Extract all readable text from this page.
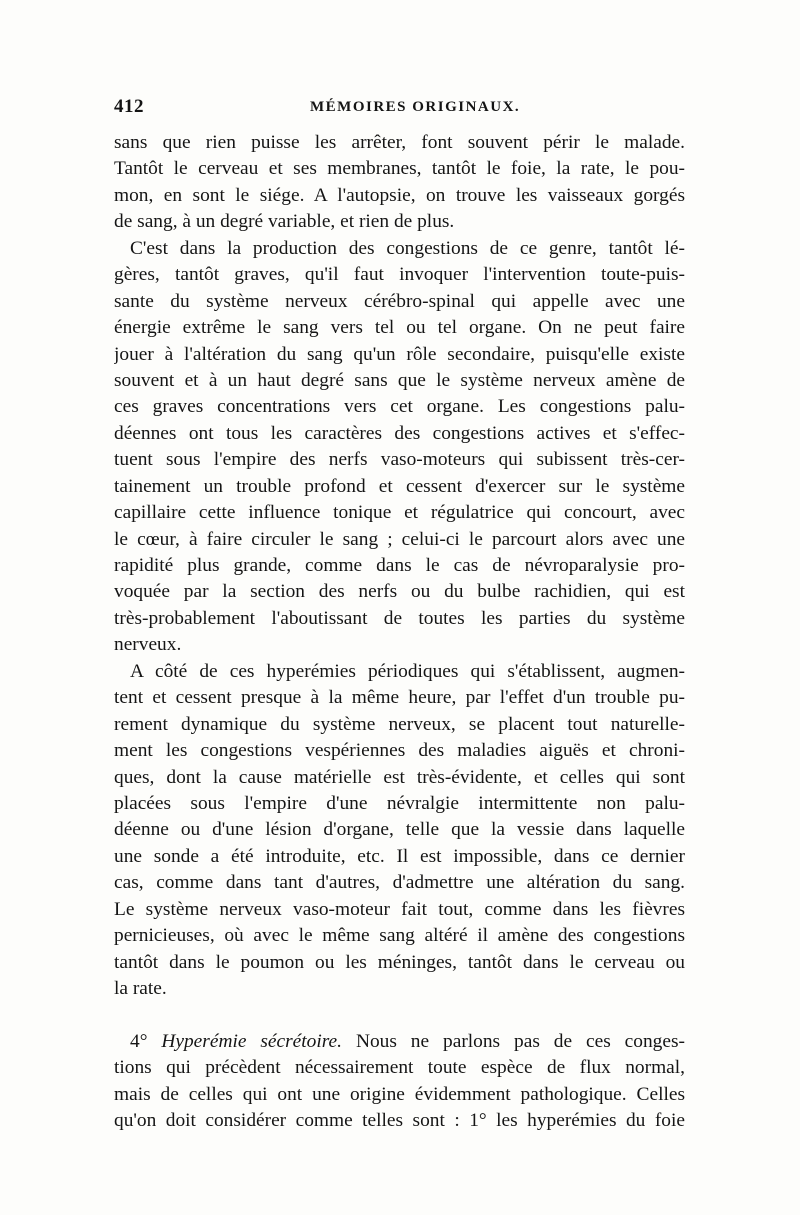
412	MÉMOIRES ORIGINAUX.
sans que rien puisse les arrêter, font souvent périr le malade.
Tantôt le cerveau et ses membranes, tantôt le foie, la rate, le pou-
mon, en sont le siége. A l'autopsie, on trouve les vaisseaux gorgés
de sang, à un degré variable, et rien de plus.
C'est dans la production des congestions de ce genre, tantôt lé-
gères, tantôt graves, qu'il faut invoquer l'intervention toute-puis-
sante du système nerveux cérébro-spinal qui appelle avec une
énergie extrême le sang vers tel ou tel organe. On ne peut faire
jouer à l'altération du sang qu'un rôle secondaire, puisqu'elle existe
souvent et à un haut degré sans que le système nerveux amène de
ces graves concentrations vers cet organe. Les congestions palu-
déennes ont tous les caractères des congestions actives et s'effec-
tuent sous l'empire des nerfs vaso-moteurs qui subissent très-cer-
tainement un trouble profond et cessent d'exercer sur le système
capillaire cette influence tonique et régulatrice qui concourt, avec
le cœur, à faire circuler le sang ; celui-ci le parcourt alors avec une
rapidité plus grande, comme dans le cas de névroparalysie pro-
voquée par la section des nerfs ou du bulbe rachidien, qui est
très-probablement l'aboutissant de toutes les parties du système
nerveux.
A côté de ces hyperémies périodiques qui s'établissent, augmen-
tent et cessent presque à la même heure, par l'effet d'un trouble pu-
rement dynamique du système nerveux, se placent tout naturelle-
ment les congestions vespériennes des maladies aiguës et chroni-
ques, dont la cause matérielle est très-évidente, et celles qui sont
placées sous l'empire d'une névralgie intermittente non palu-
déenne ou d'une lésion d'organe, telle que la vessie dans laquelle
une sonde a été introduite, etc. Il est impossible, dans ce dernier
cas, comme dans tant d'autres, d'admettre une altération du sang.
Le système nerveux vaso-moteur fait tout, comme dans les fièvres
pernicieuses, où avec le même sang altéré il amène des congestions
tantôt dans le poumon ou les méninges, tantôt dans le cerveau ou
la rate.
4° Hyperémie sécrétoire. Nous ne parlons pas de ces conges-
tions qui précèdent nécessairement toute espèce de flux normal,
mais de celles qui ont une origine évidemment pathologique. Celles
qu'on doit considérer comme telles sont : 1° les hyperémies du foie
